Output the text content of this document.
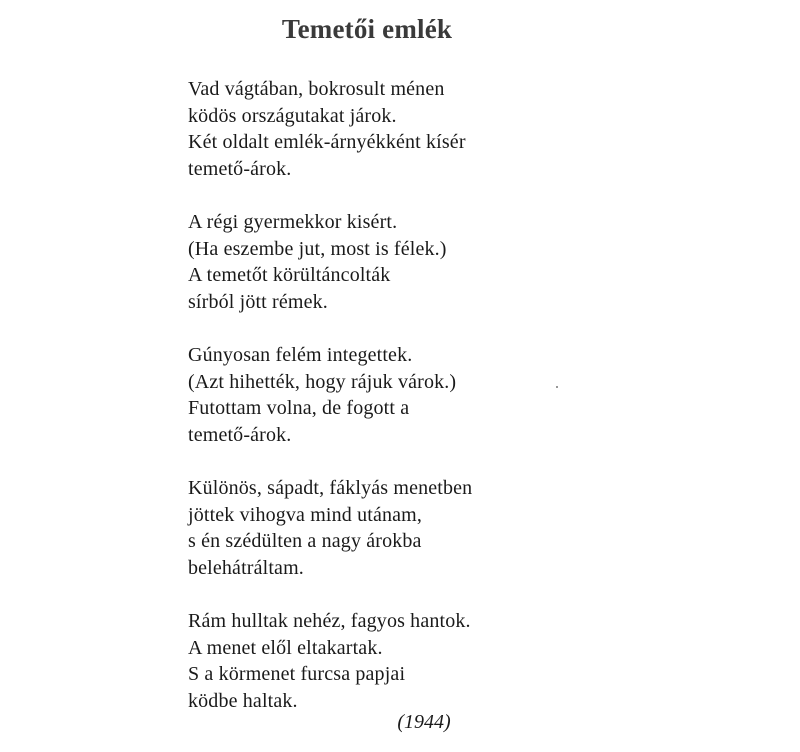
Temetői emlék
Vad vágtában, bokrosult ménen
ködös országutakat járok.
Két oldalt emlék-árnyékként kísér
temető-árok.
A régi gyermekkor kisért.
(Ha eszembe jut, most is félek.)
A temetőt körültáncolták
sírból jött rémek.
Gúnyosan felém integettek.
(Azt hihették, hogy rájuk várok.)
Futottam volna, de fogott a
temető-árok.
Különös, sápadt, fáklyás menetben
jöttek vihogva mind utánam,
s én szédülten a nagy árokba
belehátráltam.
Rám hulltak nehéz, fagyos hantok.
A menet elől eltakartak.
S a körmenet furcsa papjai
ködbe haltak.
(1944)
